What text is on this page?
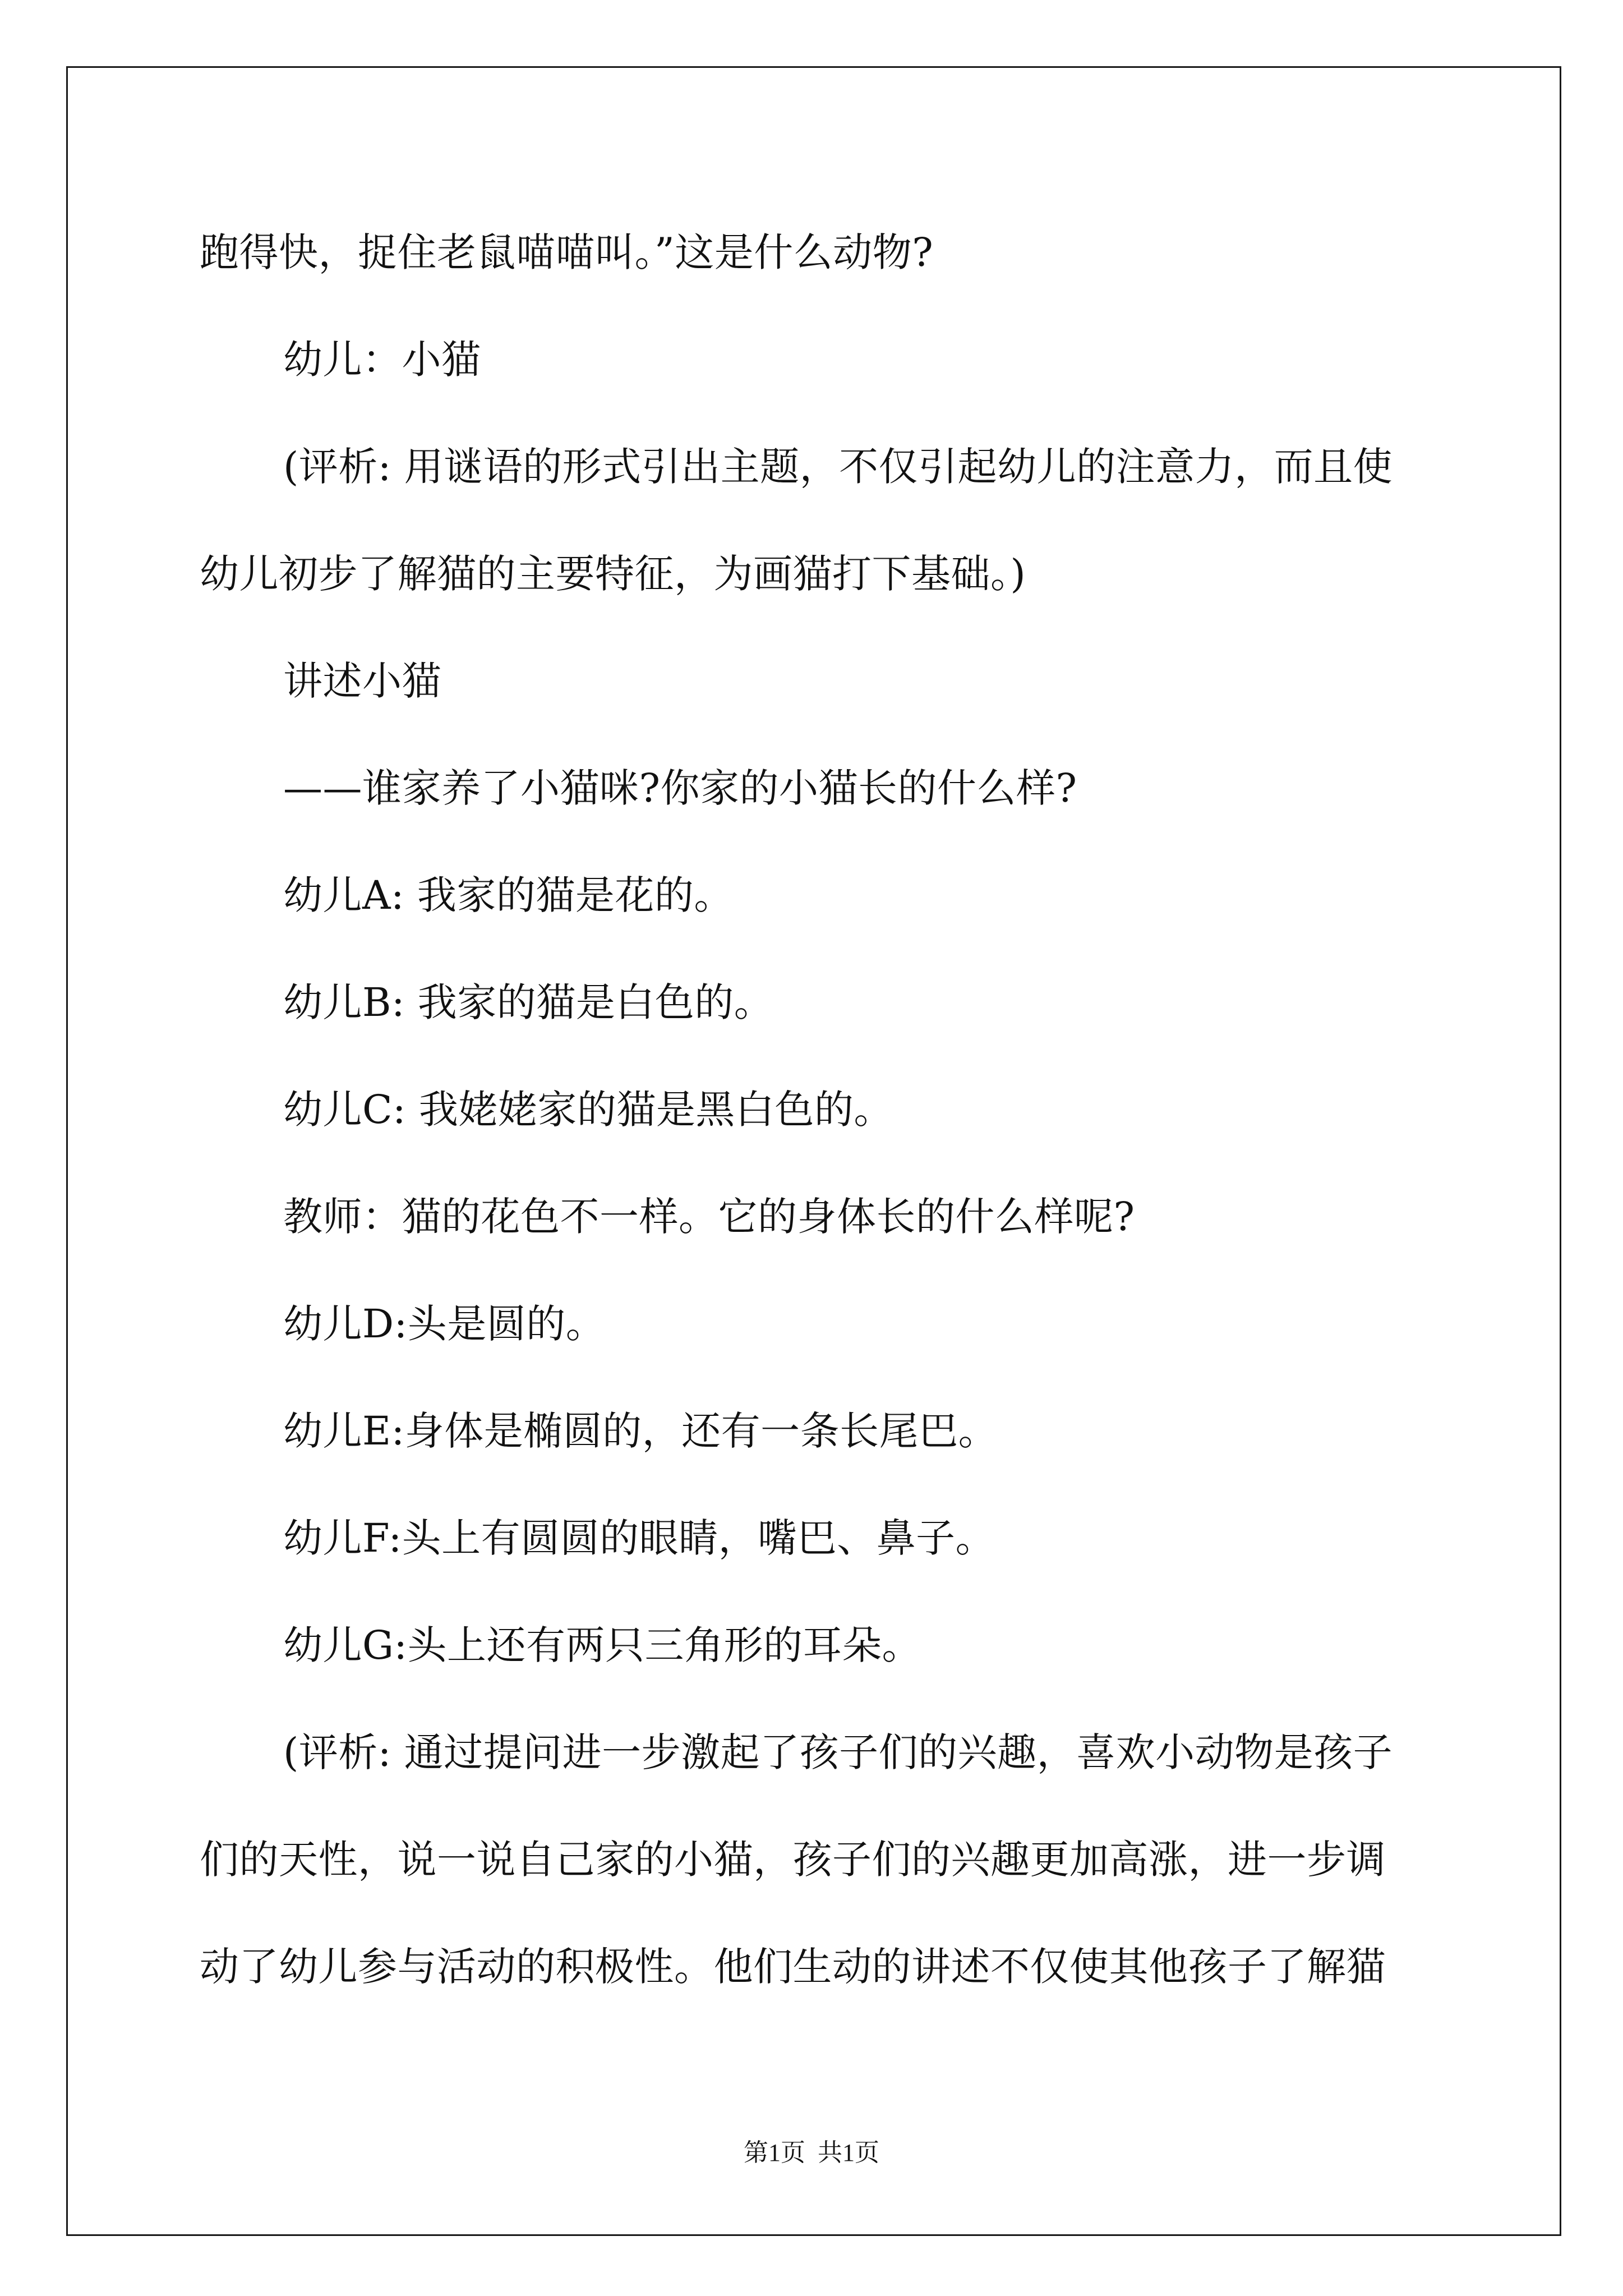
跑得快，捉住老鼠喵喵叫。”这是什么动物?
幼儿：小猫
(评析: 用谜语的形式引出主题，不仅引起幼儿的注意力，而且使
幼儿初步了解猫的主要特征，为画猫打下基础。)
讲述小猫
——谁家养了小猫咪?你家的小猫长的什么样?
幼儿A: 我家的猫是花的。
幼儿B: 我家的猫是白色的。
幼儿C: 我姥姥家的猫是黑白色的。
教师：猫的花色不一样。它的身体长的什么样呢?
幼儿D:头是圆的。
幼儿E:身体是椭圆的，还有一条长尾巴。
幼儿F:头上有圆圆的眼睛，嘴巴、鼻子。
幼儿G:头上还有两只三角形的耳朵。
(评析: 通过提问进一步激起了孩子们的兴趣，喜欢小动物是孩子
们的天性，说一说自己家的小猫，孩子们的兴趣更加高涨，进一步调
动了幼儿参与活动的积极性。他们生动的讲述不仅使其他孩子了解猫
第1页  共1页
